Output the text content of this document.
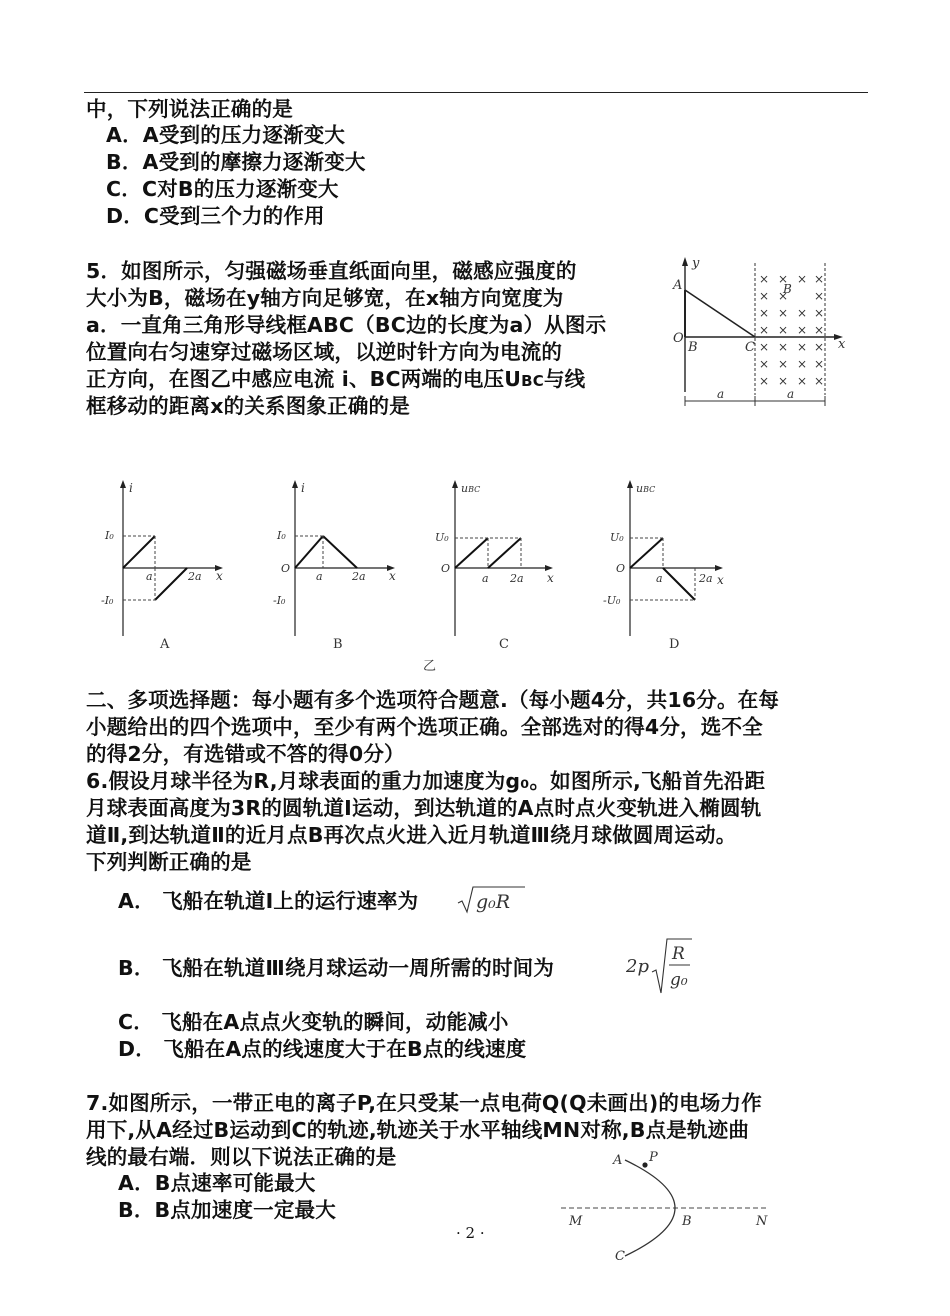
中，下列说法正确的是
A．A受到的压力逐渐变大
B．A受到的摩擦力逐渐变大
C．C对B的压力逐渐变大
D．C受到三个力的作用
5．如图所示，匀强磁场垂直纸面向里，磁感应强度的
大小为B，磁场在y轴方向足够宽，在x轴方向宽度为
a．一直角三角形导线框ABC（BC边的长度为a）从图示
位置向右匀速穿过磁场区域，以逆时针方向为电流的
正方向，在图乙中感应电流 i、BC两端的电压UBC与线
框移动的距离x的关系图象正确的是
y
x
A
O
B	C
B
× × × ×
× × ×
× × × ×
× × × ×
× × × ×
× × × ×
× × × ×
a	a
i
x
I₀
-I₀
a	2a
A
i
x
I₀
O
-I₀
a	2a
B
uBC
x
U₀
O
a 2a
C
uBC
x
U₀
O
-U₀
a	2a
D
乙
二、多项选择题：每小题有多个选项符合题意.（每小题4分，共16分。在每
小题给出的四个选项中，至少有两个选项正确。全部选对的得4分，选不全
的得2分，有选错或不答的得0分）
6.假设月球半径为R,月球表面的重力加速度为g₀。如图所示,飞船首先沿距
月球表面高度为3R的圆轨道Ⅰ运动，到达轨道的A点时点火变轨进入椭圆轨
道Ⅱ,到达轨道Ⅱ的近月点B再次点火进入近月轨道Ⅲ绕月球做圆周运动。
下列判断正确的是
A． 飞船在轨道Ⅰ上的运行速率为	g₀R
B． 飞船在轨道Ⅲ绕月球运动一周所需的时间为	2p
R
g₀
C． 飞船在A点点火变轨的瞬间，动能减小
D． 飞船在A点的线速度大于在B点的线速度
7.如图所示，一带正电的离子P,在只受某一点电荷Q(Q未画出)的电场力作
用下,从A经过B运动到C的轨迹,轨迹关于水平轴线MN对称,B点是轨迹曲
线的最右端．则以下说法正确的是
A．B点速率可能最大
B．B点加速度一定最大
A P
M	B	N
C
· 2 ·
